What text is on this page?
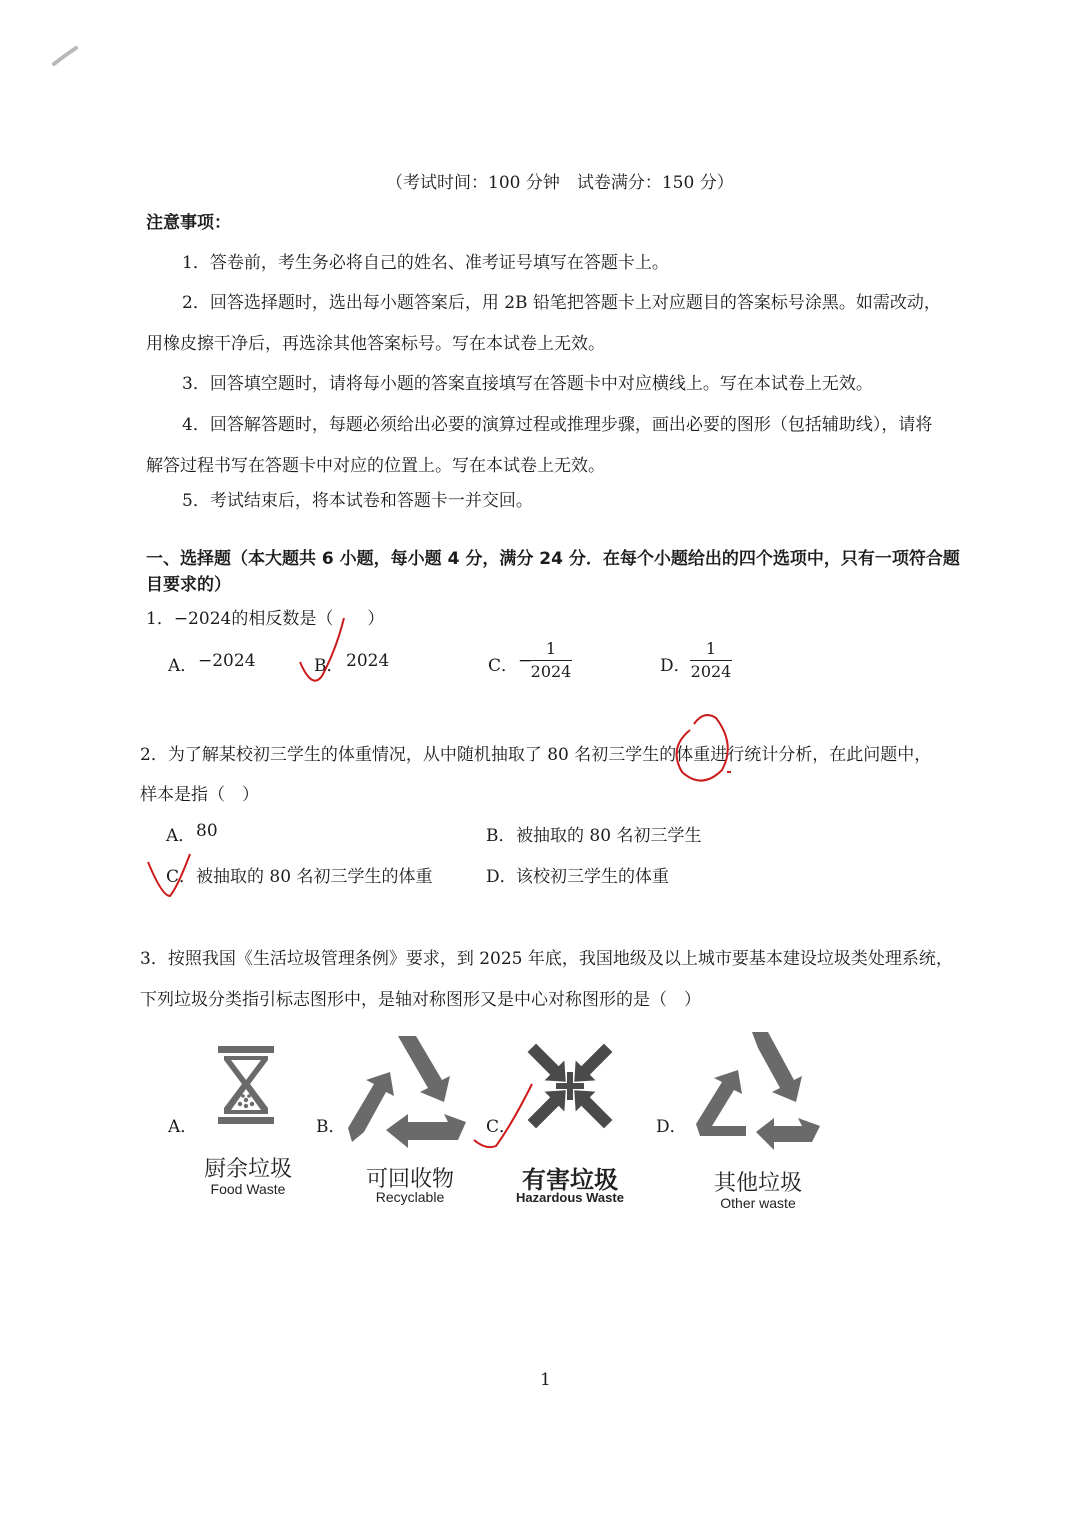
（考试时间：100 分钟　试卷满分：150 分）
注意事项：
1．答卷前，考生务必将自己的姓名、准考证号填写在答题卡上。
2．回答选择题时，选出每小题答案后，用 2B 铅笔把答题卡上对应题目的答案标号涂黑。如需改动，
用橡皮擦干净后，再选涂其他答案标号。写在本试卷上无效。
3．回答填空题时，请将每小题的答案直接填写在答题卡中对应横线上。写在本试卷上无效。
4．回答解答题时，每题必须给出必要的演算过程或推理步骤，画出必要的图形（包括辅助线），请将
解答过程书写在答题卡中对应的位置上。写在本试卷上无效。
5．考试结束后，将本试卷和答题卡一并交回。
一、选择题（本大题共 6 小题，每小题 4 分，满分 24 分．在每个小题给出的四个选项中，只有一项符合题
目要求的）
1．−2024的相反数是（　　）
A． −2024	B． 2024	C． −
1
2024	D．
1
2024
2．为了解某校初三学生的体重情况，从中随机抽取了 80 名初三学生的体重进行统计分析，在此问题中，
样本是指（　）
A． 80	B． 被抽取的 80 名初三学生
C． 被抽取的 80 名初三学生的体重	D． 该校初三学生的体重
3．按照我国《生活垃圾管理条例》要求，到 2025 年底，我国地级及以上城市要基本建设垃圾类处理系统，
下列垃圾分类指引标志图形中，是轴对称图形又是中心对称图形的是（　）
A．	B．	C．	D．
厨余垃圾
Food Waste	可回收物
Recyclable
有害垃圾
Hazardous Waste
其他垃圾
Other waste
1
